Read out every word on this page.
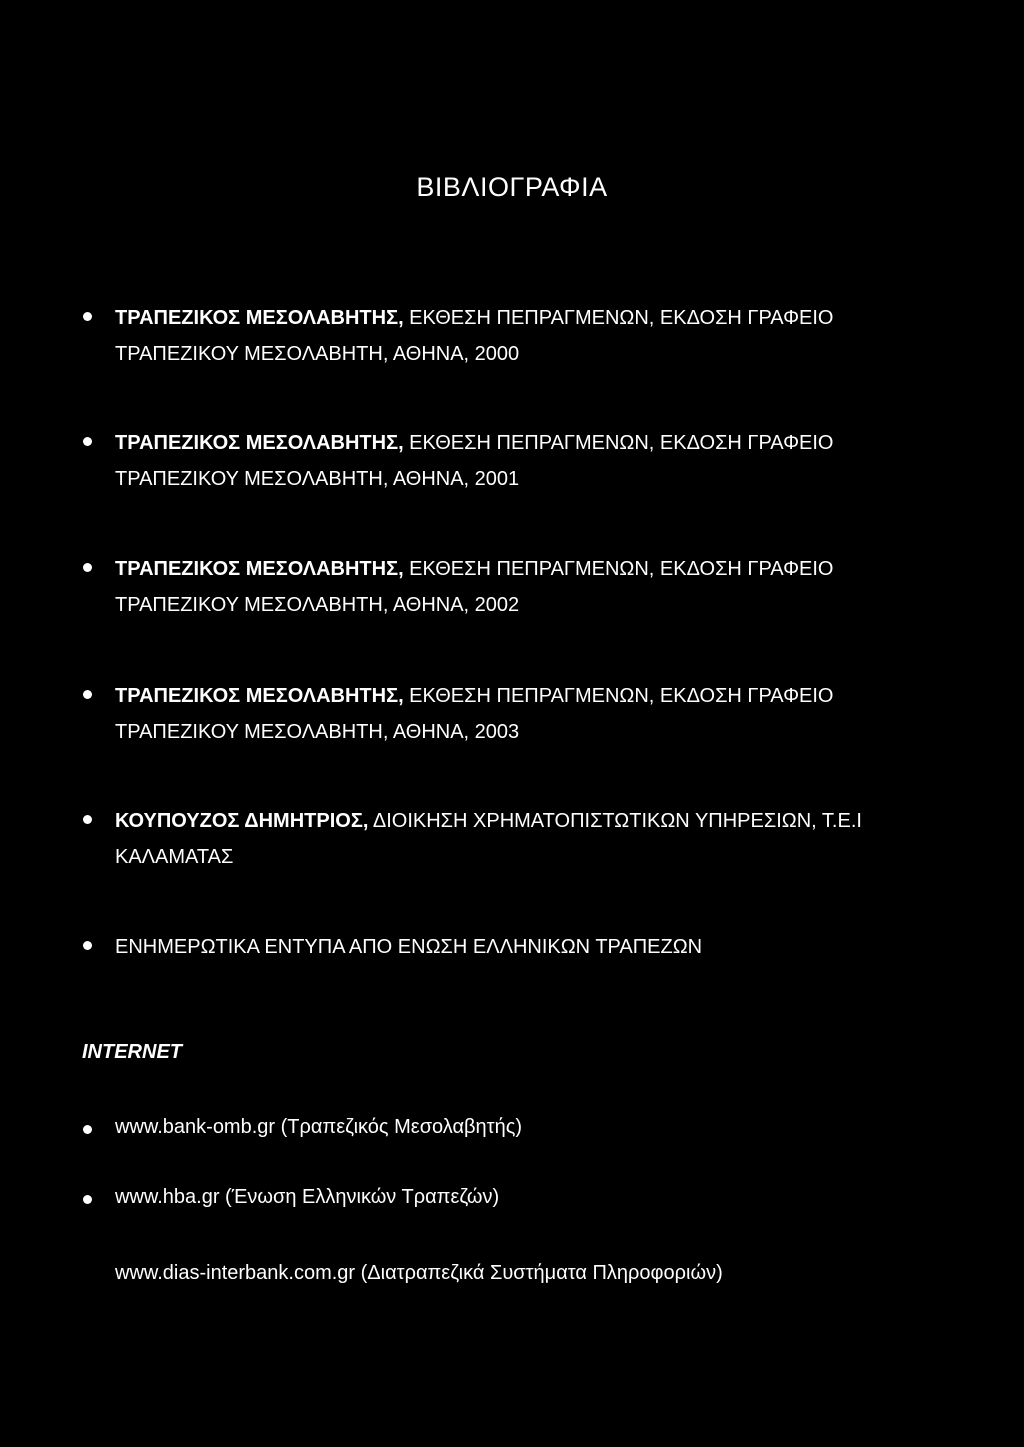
ΒΙΒΛΙΟΓΡΑΦΙΑ
ΤΡΑΠΕΖΙΚΟΣ ΜΕΣΟΛΑΒΗΤΗΣ, ΕΚΘΕΣΗ ΠΕΠΡΑΓΜΕΝΩΝ, ΕΚΔΟΣΗ ΓΡΑΦΕΙΟ
ΤΡΑΠΕΖΙΚΟΥ ΜΕΣΟΛΑΒΗΤΗ, ΑΘΗΝΑ, 2000
ΤΡΑΠΕΖΙΚΟΣ ΜΕΣΟΛΑΒΗΤΗΣ, ΕΚΘΕΣΗ ΠΕΠΡΑΓΜΕΝΩΝ, ΕΚΔΟΣΗ ΓΡΑΦΕΙΟ
ΤΡΑΠΕΖΙΚΟΥ ΜΕΣΟΛΑΒΗΤΗ, ΑΘΗΝΑ, 2001
ΤΡΑΠΕΖΙΚΟΣ ΜΕΣΟΛΑΒΗΤΗΣ, ΕΚΘΕΣΗ ΠΕΠΡΑΓΜΕΝΩΝ, ΕΚΔΟΣΗ ΓΡΑΦΕΙΟ
ΤΡΑΠΕΖΙΚΟΥ ΜΕΣΟΛΑΒΗΤΗ, ΑΘΗΝΑ, 2002
ΤΡΑΠΕΖΙΚΟΣ ΜΕΣΟΛΑΒΗΤΗΣ, ΕΚΘΕΣΗ ΠΕΠΡΑΓΜΕΝΩΝ, ΕΚΔΟΣΗ ΓΡΑΦΕΙΟ
ΤΡΑΠΕΖΙΚΟΥ ΜΕΣΟΛΑΒΗΤΗ, ΑΘΗΝΑ, 2003
ΚΟΥΠΟΥΖΟΣ ΔΗΜΗΤΡΙΟΣ, ΔΙΟΙΚΗΣΗ ΧΡΗΜΑΤΟΠΙΣΤΩΤΙΚΩΝ ΥΠΗΡΕΣΙΩΝ, Τ.Ε.Ι
ΚΑΛΑΜΑΤΑΣ
ΕΝΗΜΕΡΩΤΙΚΑ ΕΝΤΥΠΑ ΑΠΟ ΕΝΩΣΗ ΕΛΛΗΝΙΚΩΝ ΤΡΑΠΕΖΩΝ
INTERNET
www.bank-omb.gr (Τραπεζικός Μεσολαβητής)
www.hba.gr (Ένωση Ελληνικών Τραπεζών)
www.dias-interbank.com.gr (Διατραπεζικά Συστήματα Πληροφοριών)
